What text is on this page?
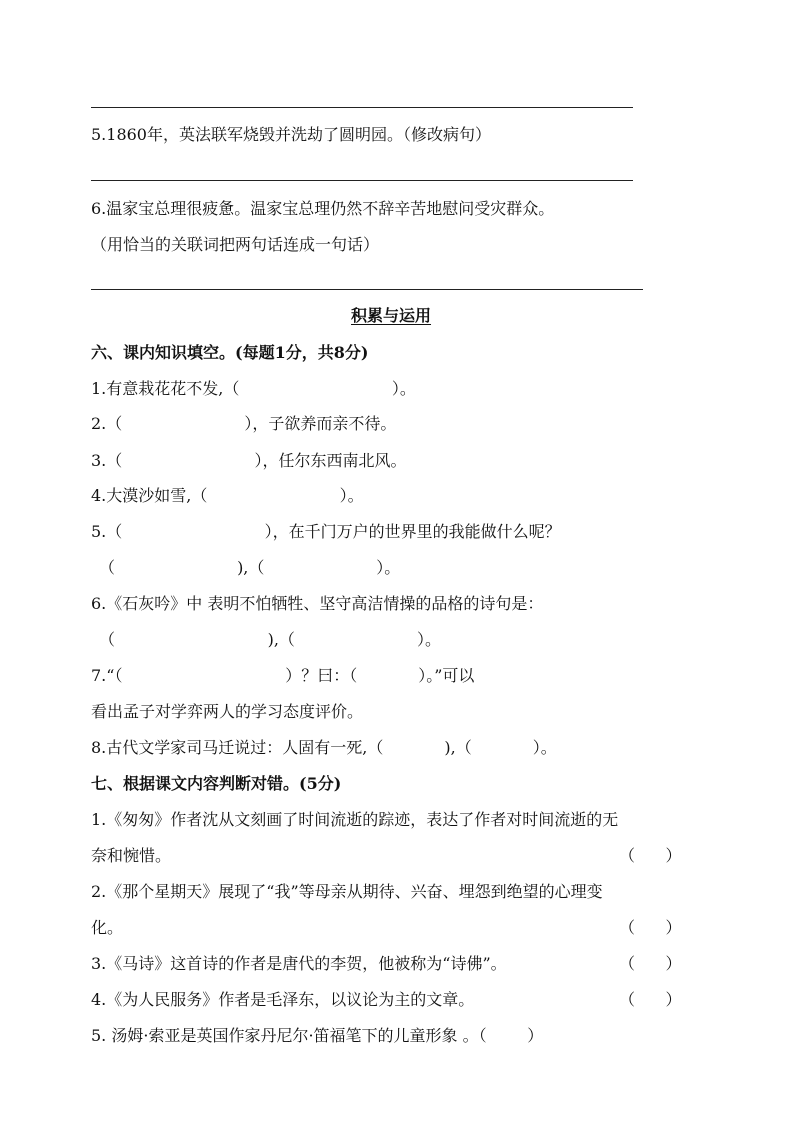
5.1860年，英法联军烧毁并洗劫了圆明园。（修改病句）
6.温家宝总理很疲惫。温家宝总理仍然不辞辛苦地慰问受灾群众。
（用恰当的关联词把两句话连成一句话）
积累与运用
六、课内知识填空。(每题1分，共8分)
1.有意栽花花不发,（                              ）。
2.（                        ），子欲养而亲不待。
3.（                          ），任尔东西南北风。
4.大漠沙如雪,（                          ）。
5.（                            ），在千门万户的世界里的我能做什么呢？
（                        ),（                      ）。
6.《石灰吟》中 表明不怕牺牲、坚守高洁情操的品格的诗句是：
（                              ),（                        ）。
7.“（                                ）？曰：（            ）。”可以
看出孟子对学弈两人的学习态度评价。
8.古代文学家司马迁说过：人固有一死,（            ),（            ）。
七、根据课文内容判断对错。(5分)
1.《匆匆》作者沈从文刻画了时间流逝的踪迹，表达了作者对时间流逝的无
奈和惋惜。	（      ）
2.《那个星期天》展现了“我”等母亲从期待、兴奋、埋怨到绝望的心理变
化。	（      ）
3.《马诗》这首诗的作者是唐代的李贺，他被称为“诗佛”。	（      ）
4.《为人民服务》作者是毛泽东，以议论为主的文章。	（      ）
5. 汤姆·索亚是英国作家丹尼尔·笛福笔下的儿童形象 。（        ）
